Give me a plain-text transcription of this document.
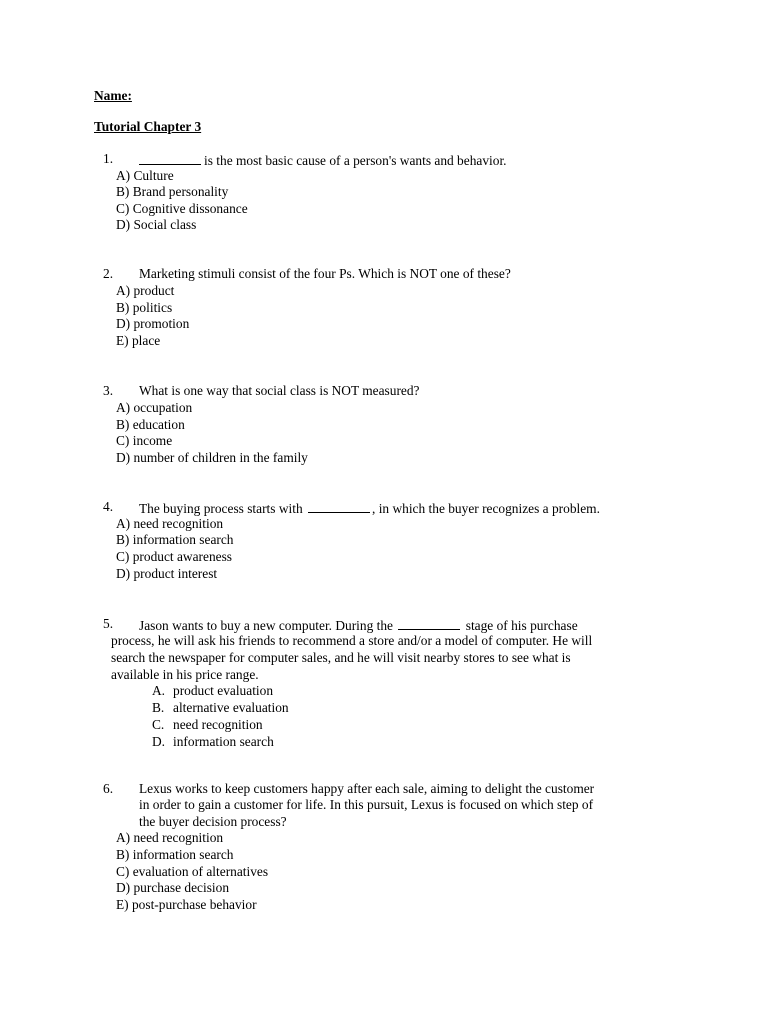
Name:
Tutorial Chapter 3
1.	is the most basic cause of a person's wants and behavior.
A) Culture
B) Brand personality
C) Cognitive dissonance
D) Social class
2. Marketing stimuli consist of the four Ps. Which is NOT one of these?
A) product
B) politics
D) promotion
E) place
3. What is one way that social class is NOT measured?
A) occupation
B) education
C) income
D) number of children in the family
4. The buying process starts with	, in which the buyer recognizes a problem.
A) need recognition
B) information search
C) product awareness
D) product interest
5. Jason wants to buy a new computer. During the	stage of his purchase
process, he will ask his friends to recommend a store and/or a model of computer. He will
search the newspaper for computer sales, and he will visit nearby stores to see what is
available in his price range.
A. product evaluation
B. alternative evaluation
C. need recognition
D. information search
6. Lexus works to keep customers happy after each sale, aiming to delight the customer
in order to gain a customer for life. In this pursuit, Lexus is focused on which step of
the buyer decision process?
A) need recognition
B) information search
C) evaluation of alternatives
D) purchase decision
E) post-purchase behavior
